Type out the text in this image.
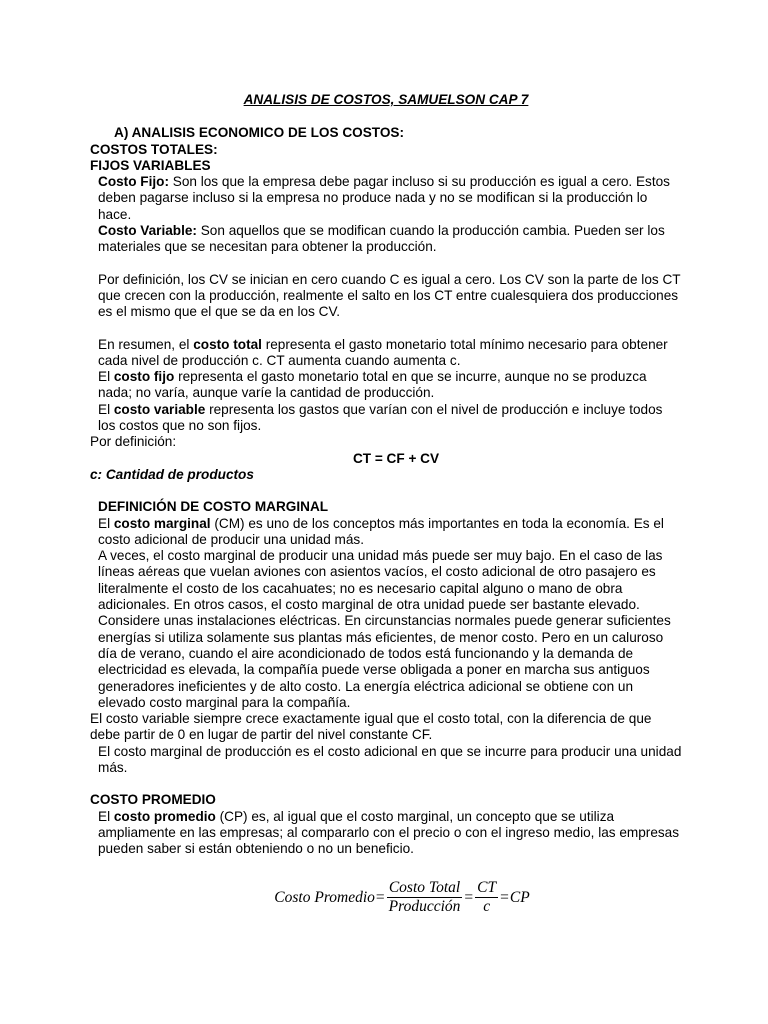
ANALISIS DE COSTOS, SAMUELSON CAP 7
A) ANALISIS ECONOMICO DE LOS COSTOS:
COSTOS TOTALES:
FIJOS VARIABLES

Costo Fijo: Son los que la empresa debe pagar incluso si su producción es igual a cero. Estos deben pagarse incluso si la empresa no produce nada y no se modifican si la producción lo hace.

Costo Variable: Son aquellos que se modifican cuando la producción cambia. Pueden ser los materiales que se necesitan para obtener la producción.

Por definición, los CV se inician en cero cuando C es igual a cero. Los CV son la parte de los CT que crecen con la producción, realmente el salto en los CT entre cualesquiera dos producciones es el mismo que el que se da en los CV.

En resumen, el costo total representa el gasto monetario total mínimo necesario para obtener cada nivel de producción c. CT aumenta cuando aumenta c.

El costo fijo representa el gasto monetario total en que se incurre, aunque no se produzca nada; no varía, aunque varíe la cantidad de producción.

El costo variable representa los gastos que varían con el nivel de producción e incluye todos los costos que no son fijos.

Por definición:

CT = CF + CV

c: Cantidad de productos

DEFINICIÓN DE COSTO MARGINAL

El costo marginal (CM) es uno de los conceptos más importantes en toda la economía. Es el costo adicional de producir una unidad más.

A veces, el costo marginal de producir una unidad más puede ser muy bajo. En el caso de las líneas aéreas que vuelan aviones con asientos vacíos, el costo adicional de otro pasajero es literalmente el costo de los cacahuates; no es necesario capital alguno o mano de obra adicionales. En otros casos, el costo marginal de otra unidad puede ser bastante elevado. Considere unas instalaciones eléctricas. En circunstancias normales puede generar suficientes energías si utiliza solamente sus plantas más eficientes, de menor costo. Pero en un caluroso día de verano, cuando el aire acondicionado de todos está funcionando y la demanda de electricidad es elevada, la compañía puede verse obligada a poner en marcha sus antiguos generadores ineficientes y de alto costo. La energía eléctrica adicional se obtiene con un elevado costo marginal para la compañía.

El costo variable siempre crece exactamente igual que el costo total, con la diferencia de que debe partir de 0 en lugar de partir del nivel constante CF.

El costo marginal de producción es el costo adicional en que se incurre para producir una unidad más.

COSTO PROMEDIO

El costo promedio (CP) es, al igual que el costo marginal, un concepto que se utiliza ampliamente en las empresas; al compararlo con el precio o con el ingreso medio, las empresas pueden saber si están obteniendo o no un beneficio.

Costo Promedio = $\frac{\text{Costo Total}}{\text{Producción}} = \frac{CT}{c}$ = CP
